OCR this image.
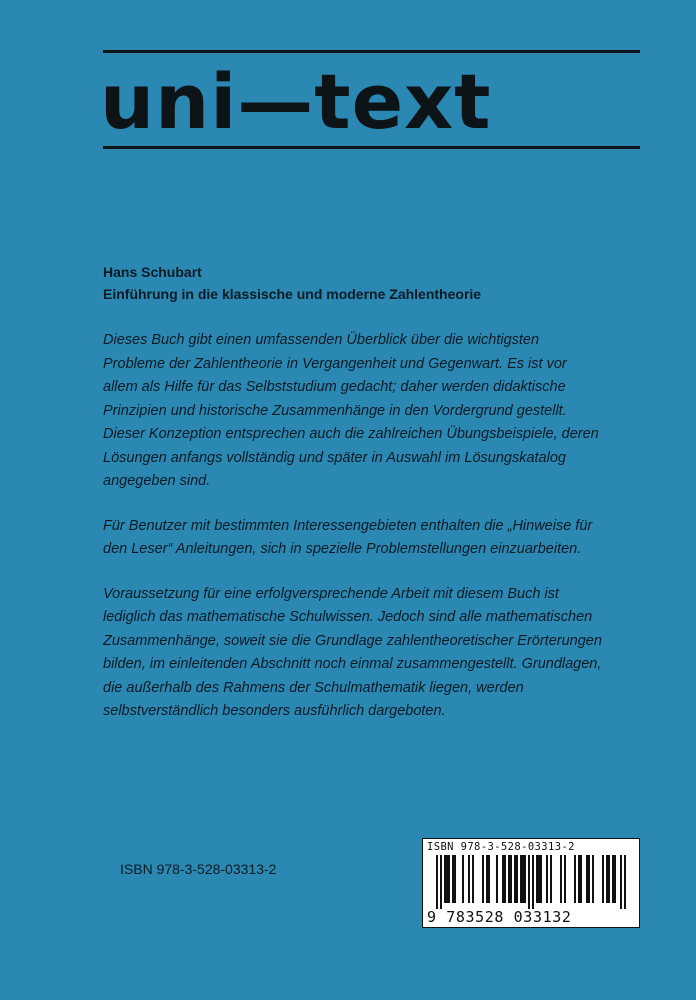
uni—text
Hans Schubart
Einführung in die klassische und moderne Zahlentheorie

Dieses Buch gibt einen umfassenden Überblick über die wichtigsten Probleme der Zahlentheorie in Vergangenheit und Gegenwart. Es ist vor allem als Hilfe für das Selbststudium gedacht; daher werden didaktische Prinzipien und historische Zusammenhänge in den Vordergrund gestellt. Dieser Konzeption entsprechen auch die zahlreichen Übungsbeispiele, deren Lösungen anfangs vollständig und später in Auswahl im Lösungskatalog angegeben sind.

Für Benutzer mit bestimmten Interessengebieten enthalten die „Hinweise für den Leser“ Anleitungen, sich in spezielle Problemstellungen einzuarbeiten.

Voraussetzung für eine erfolgversprechende Arbeit mit diesem Buch ist lediglich das mathematische Schulwissen. Jedoch sind alle mathematischen Zusammenhänge, soweit sie die Grundlage zahlentheoretischer Erörterungen bilden, im einleitenden Abschnitt noch einmal zusammengestellt. Grundlagen, die außerhalb des Rahmens der Schulmathematik liegen, werden selbstverständlich besonders ausführlich dargeboten.

ISBN 978-3-528-03313-2
ISBN 978-3-528-03313-2
9 783528 033132
